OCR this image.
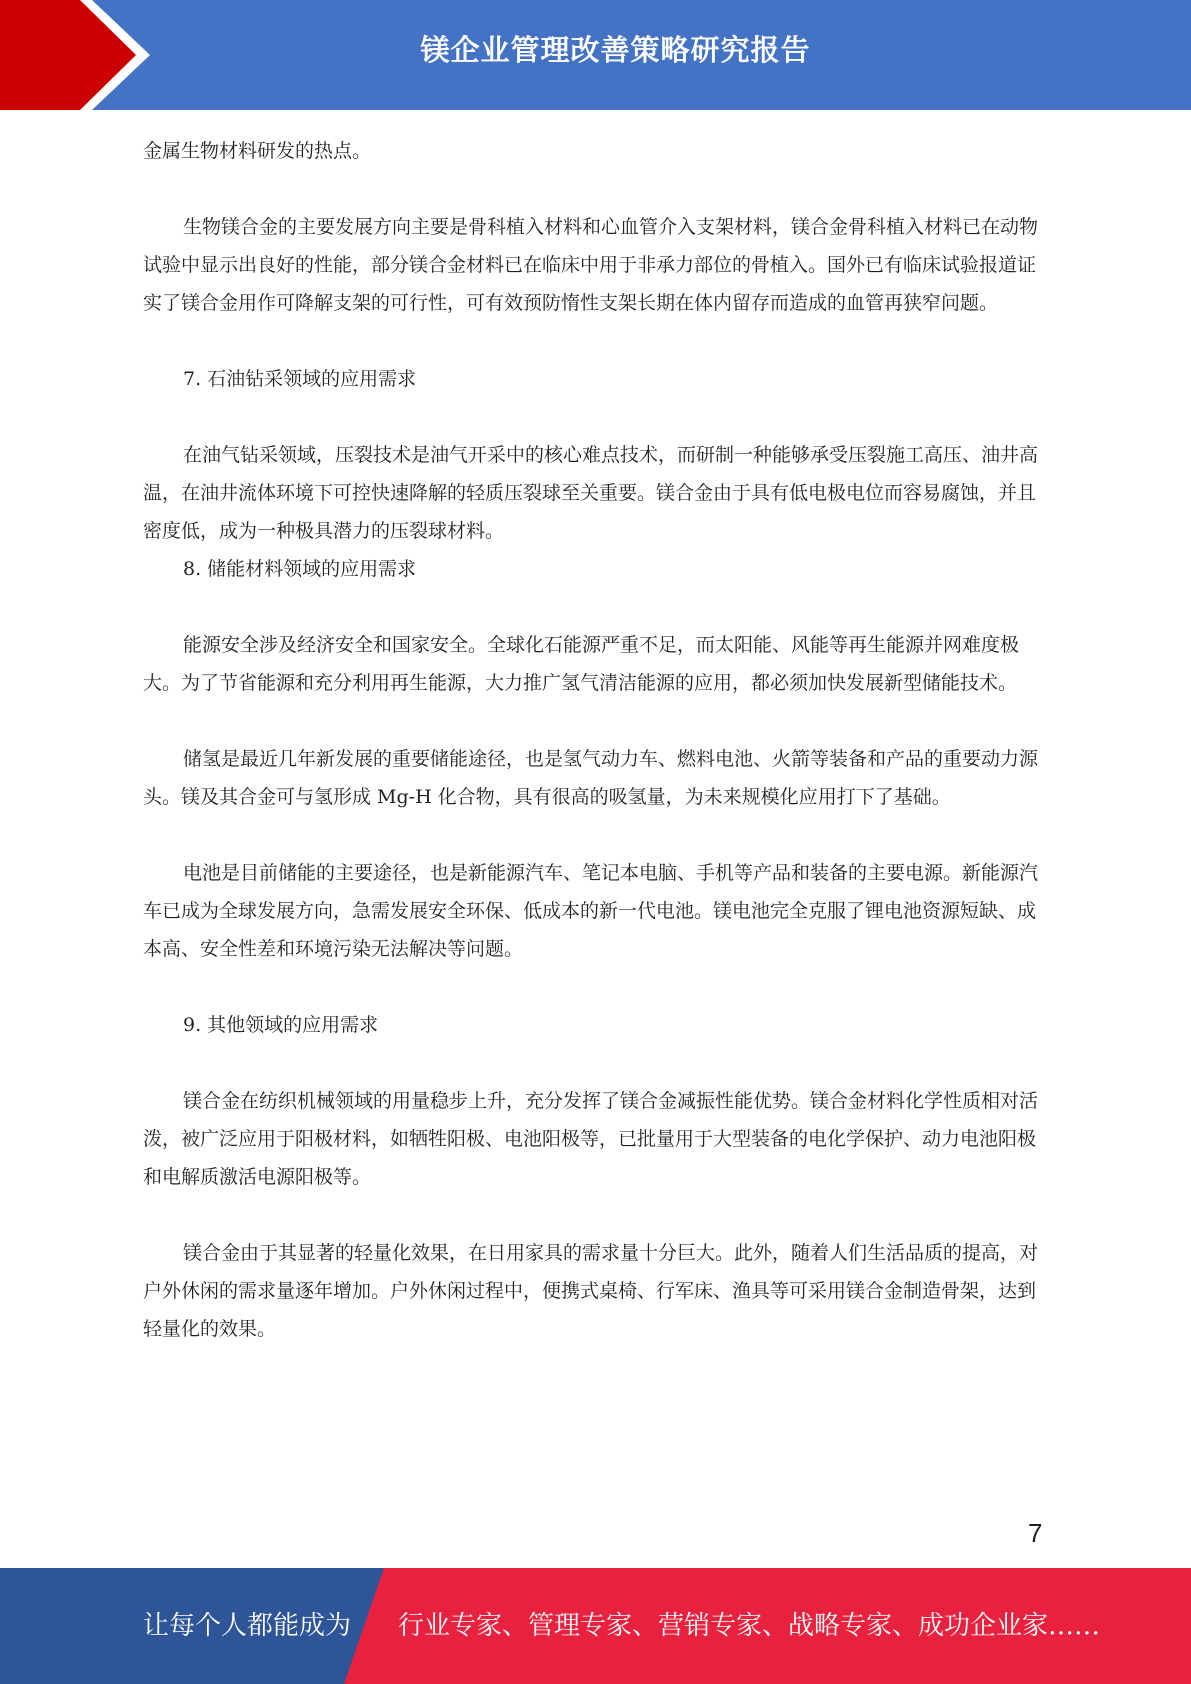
镁企业管理改善策略研究报告

金属生物材料研发的热点。

生物镁合金的主要发展方向主要是骨科植入材料和心血管介入支架材料，镁合金骨科植入材料已在动物试验中显示出良好的性能，部分镁合金材料已在临床中用于非承力部位的骨植入。国外已有临床试验报道证实了镁合金用作可降解支架的可行性，可有效预防惰性支架长期在体内留存而造成的血管再狭窄问题。

7. 石油钻采领域的应用需求

在油气钻采领域，压裂技术是油气开采中的核心难点技术，而研制一种能够承受压裂施工高压、油井高温，在油井流体环境下可控快速降解的轻质压裂球至关重要。镁合金由于具有低电极电位而容易腐蚀，并且密度低，成为一种极具潜力的压裂球材料。

8. 储能材料领域的应用需求

能源安全涉及经济安全和国家安全。全球化石能源严重不足，而太阳能、风能等再生能源并网难度极大。为了节省能源和充分利用再生能源，大力推广氢气清洁能源的应用，都必须加快发展新型储能技术。

储氢是最近几年新发展的重要储能途径，也是氢气动力车、燃料电池、火箭等装备和产品的重要动力源头。镁及其合金可与氢形成 Mg-H 化合物，具有很高的吸氢量，为未来规模化应用打下了基础。

电池是目前储能的主要途径，也是新能源汽车、笔记本电脑、手机等产品和装备的主要电源。新能源汽车已成为全球发展方向，急需发展安全环保、低成本的新一代电池。镁电池完全克服了锂电池资源短缺、成本高、安全性差和环境污染无法解决等问题。

9. 其他领域的应用需求

镁合金在纺织机械领域的用量稳步上升，充分发挥了镁合金减振性能优势。镁合金材料化学性质相对活泼，被广泛应用于阳极材料，如牺牲阳极、电池阳极等，已批量用于大型装备的电化学保护、动力电池阳极和电解质激活电源阳极等。

镁合金由于其显著的轻量化效果，在日用家具的需求量十分巨大。此外，随着人们生活品质的提高，对户外休闲的需求量逐年增加。户外休闲过程中，便携式桌椅、行军床、渔具等可采用镁合金制造骨架，达到轻量化的效果。

7
让每个人都能成为 行业专家、管理专家、营销专家、战略专家、成功企业家……
